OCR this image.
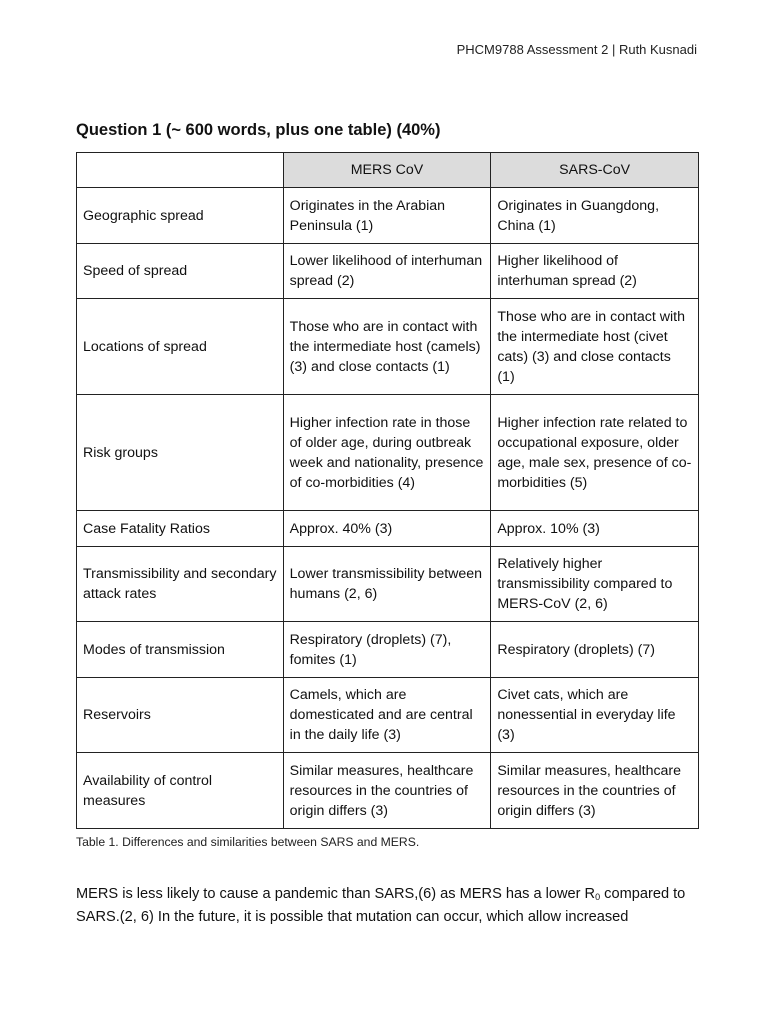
PHCM9788 Assessment 2 | Ruth Kusnadi
Question 1 (~ 600 words, plus one table) (40%)
	MERS CoV	SARS-CoV
Geographic spread	Originates in the Arabian Peninsula (1)	Originates in Guangdong, China (1)
Speed of spread	Lower likelihood of interhuman spread (2)	Higher likelihood of interhuman spread (2)
Locations of spread	Those who are in contact with the intermediate host (camels) (3) and close contacts (1)	Those who are in contact with the intermediate host (civet cats) (3) and close contacts (1)
Risk groups	Higher infection rate in those of older age, during outbreak week and nationality, presence of co-morbidities (4)	Higher infection rate related to occupational exposure, older age, male sex, presence of co-morbidities (5)
Case Fatality Ratios	Approx. 40% (3)	Approx. 10% (3)
Transmissibility and secondary attack rates	Lower transmissibility between humans (2, 6)	Relatively higher transmissibility compared to MERS-CoV (2, 6)
Modes of transmission	Respiratory (droplets) (7), fomites (1)	Respiratory (droplets) (7)
Reservoirs	Camels, which are domesticated and are central in the daily life (3)	Civet cats, which are nonessential in everyday life (3)
Availability of control measures	Similar measures, healthcare resources in the countries of origin differs (3)	Similar measures, healthcare resources in the countries of origin differs (3)
Table 1. Differences and similarities between SARS and MERS.
MERS is less likely to cause a pandemic than SARS,(6) as MERS has a lower $R_0$ compared to SARS.(2, 6) In the future, it is possible that mutation can occur, which allow increased
